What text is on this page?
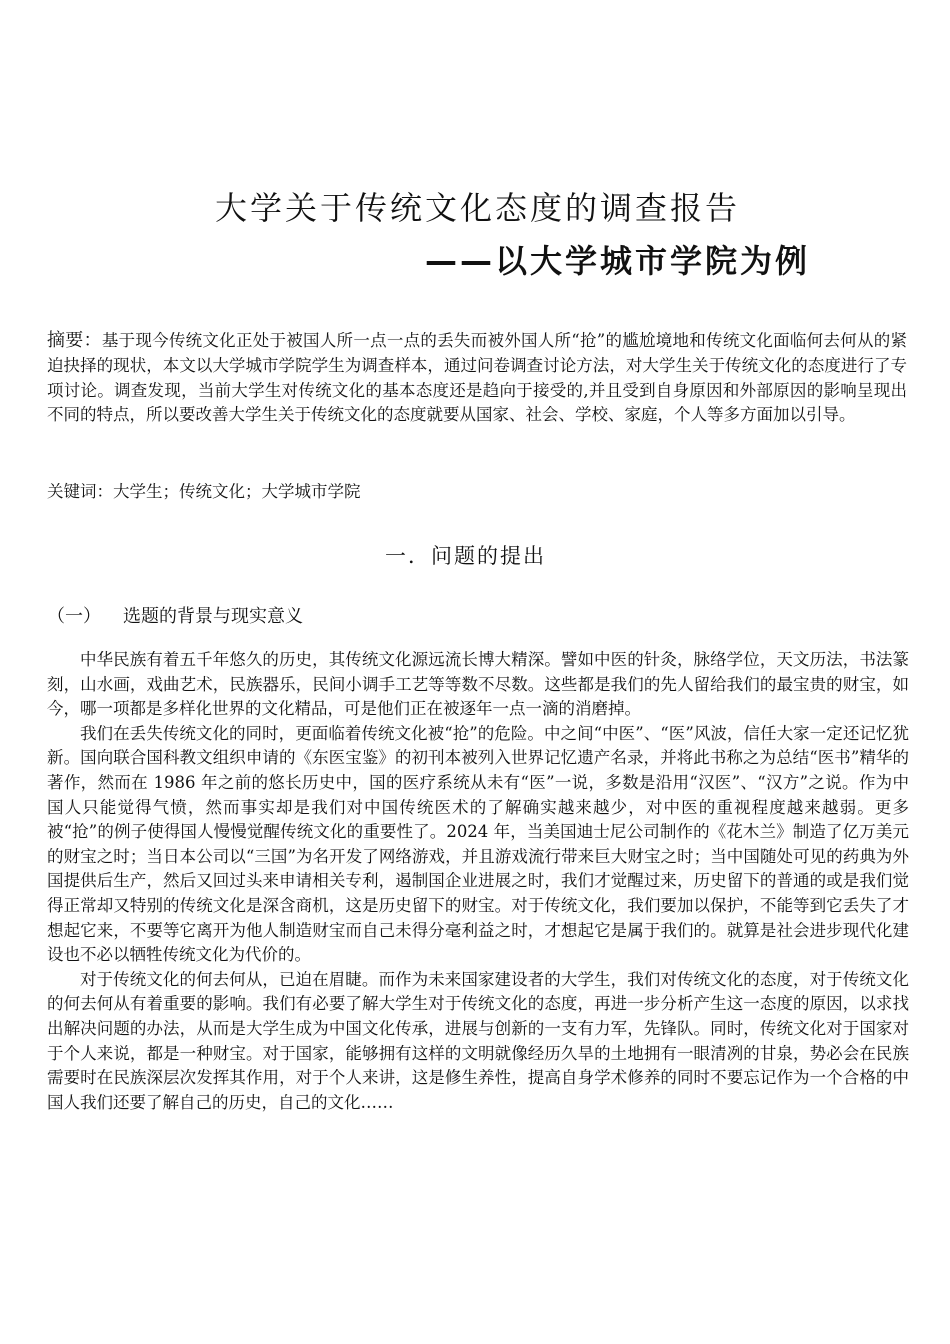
大学关于传统文化态度的调查报告
——以大学城市学院为例

摘要：基于现今传统文化正处于被国人所一点一点的丢失而被外国人所“抢”的尴尬境地和传统文化面临何去何从的紧迫抉择的现状，本文以大学城市学院学生为调查样本，通过问卷调查讨论方法，对大学生关于传统文化的态度进行了专项讨论。调查发现，当前大学生对传统文化的基本态度还是趋向于接受的,并且受到自身原因和外部原因的影响呈现出不同的特点，所以要改善大学生关于传统文化的态度就要从国家、社会、学校、家庭，个人等多方面加以引导。

关键词：大学生；传统文化；大学城市学院

一．问题的提出
（一） 选题的背景与现实意义

中华民族有着五千年悠久的历史，其传统文化源远流长博大精深。譬如中医的针灸，脉络学位，天文历法，书法篆刻，山水画，戏曲艺术，民族器乐，民间小调手工艺等等数不尽数。这些都是我们的先人留给我们的最宝贵的财宝，如今，哪一项都是多样化世界的文化精品，可是他们正在被逐年一点一滴的消磨掉。

我们在丢失传统文化的同时，更面临着传统文化被“抢”的危险。中之间“中医”、“医”风波，信任大家一定还记忆犹新。国向联合国科教文组织申请的《东医宝鉴》的初刊本被列入世界记忆遗产名录，并将此书称之为总结“医书”精华的著作，然而在 1986 年之前的悠长历史中，国的医疗系统从未有“医”一说，多数是沿用“汉医”、“汉方”之说。作为中国人只能觉得气愤，然而事实却是我们对中国传统医术的了解确实越来越少，对中医的重视程度越来越弱。更多被“抢”的例子使得国人慢慢觉醒传统文化的重要性了。2024 年，当美国迪士尼公司制作的《花木兰》制造了亿万美元的财宝之时；当日本公司以“三国”为名开发了网络游戏，并且游戏流行带来巨大财宝之时；当中国随处可见的药典为外国提供后生产，然后又回过头来申请相关专利，遏制国企业进展之时，我们才觉醒过来，历史留下的普通的或是我们觉得正常却又特别的传统文化是深含商机，这是历史留下的财宝。对于传统文化，我们要加以保护，不能等到它丢失了才想起它来，不要等它离开为他人制造财宝而自己未得分毫利益之时，才想起它是属于我们的。就算是社会进步现代化建设也不必以牺牲传统文化为代价的。

对于传统文化的何去何从，已迫在眉睫。而作为未来国家建设者的大学生，我们对传统文化的态度，对于传统文化的何去何从有着重要的影响。我们有必要了解大学生对于传统文化的态度，再进一步分析产生这一态度的原因，以求找出解决问题的办法，从而是大学生成为中国文化传承，进展与创新的一支有力军，先锋队。同时，传统文化对于国家对于个人来说，都是一种财宝。对于国家，能够拥有这样的文明就像经历久旱的土地拥有一眼清冽的甘泉，势必会在民族需要时在民族深层次发挥其作用，对于个人来讲，这是修生养性，提高自身学术修养的同时不要忘记作为一个合格的中国人我们还要了解自己的历史，自己的文化……
